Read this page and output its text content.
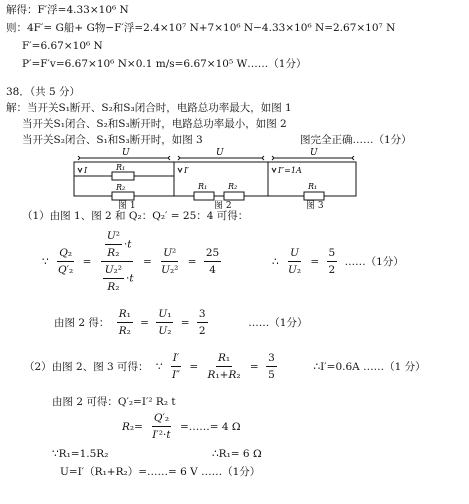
解得：F′浮=4.33×10⁶ N
则：4F′= G船+ G物−F′浮=2.4×10⁷ N+7×10⁶ N−4.33×10⁶ N=2.67×10⁷ N
F′=6.67×10⁶ N
P′=F′v=6.67×10⁶ N×0.1 m/s=6.67×10⁵ W……（1分）
38．（共 5 分）
解：当开关S₁断开、S₂和S₃闭合时，电路总功率最大，如图 1
当开关S₁闭合、S₂和S₃断开时，电路总功率最小，如图 2
当开关S₂闭合、S₁和S₃断开时，如图 3	图完全正确……（1分）
U
R₁
R₂
I
U
R₁	R₂
I′
U
R₁
I″=1A
图 1	图 2	图 3
（1）由图 1、图 2 和 Q₂：Q₂′ = 25：4 可得：
∵ $\frac{\text{Q₂}}{\text{Q′₂}} = \frac{\frac{\text{U²}}{\text{R₂}} \cdot t}{\frac{\text{U₂²}}{\text{R₂}} \cdot t} = \frac{\text{U²}}{\text{U₂²}} = \frac{25}{4}$	∴ $\frac{U}{\text{U₂}} = \frac{5}{2}$ ……（1分）
由图 2 得： $\frac{\text{R₁}}{\text{R₂}} = \frac{\text{U₁}}{\text{U₂}} = \frac{3}{2}$	……（1分）
（2）由图 2、图 3 可得： ∵ $\frac{I'}{I''} = \frac{\text{R₁}}{\text{R₁+R₂}} = \frac{3}{5}$	∴I′=0.6A ……（1 分）
由图 2 可得：Q′₂=I′² R₂ t
$R_2= \frac{\text{Q′₂}}{\text{I′²·t}}$ =……= 4 Ω
∵R₁=1.5R₂	∴R₁= 6 Ω
U=I′（R₁+R₂）=……= 6 V ……（1分）
